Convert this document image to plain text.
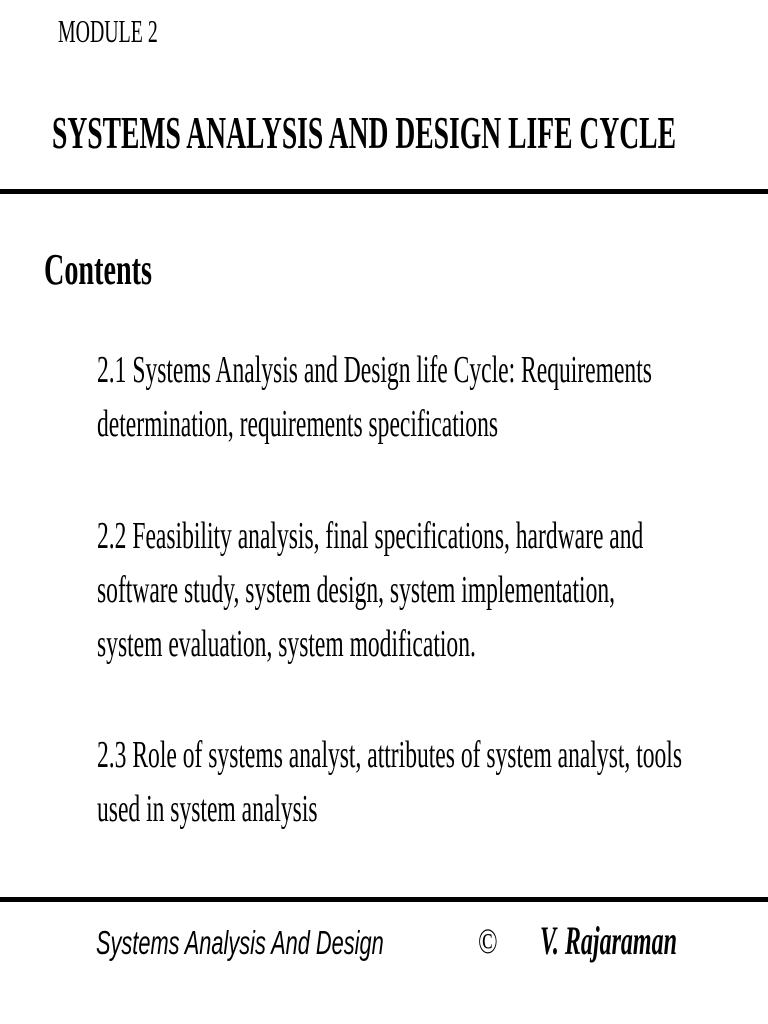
MODULE 2
SYSTEMS ANALYSIS AND DESIGN LIFE CYCLE
Contents
2.1 Systems Analysis and Design life Cycle: Requirements
determination, requirements specifications
2.2 Feasibility analysis, final specifications, hardware and
software study, system design, system implementation,
system evaluation, system modification.
2.3 Role of systems analyst, attributes of system analyst, tools
used in system analysis
Systems Analysis And Design	© V. Rajaraman
